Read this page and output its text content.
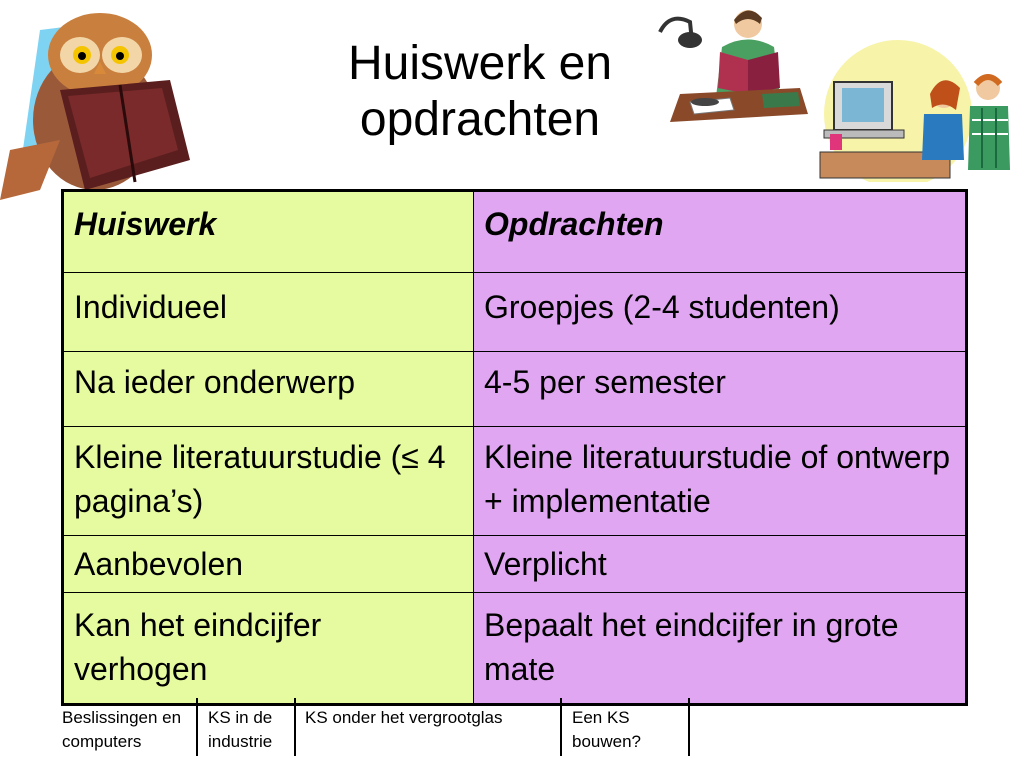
Huiswerk en
opdrachten
Huiswerk	Opdrachten
Individueel	Groepjes (2-4 studenten)
Na ieder onderwerp	4-5 per semester
Kleine literatuurstudie (≤ 4 pagina’s)	Kleine literatuurstudie of ontwerp + implementatie
Aanbevolen	Verplicht
Kan het eindcijfer verhogen	Bepaalt het eindcijfer in grote mate
Beslissingen en computers
KS in de industrie
KS onder het vergrootglas	Een KS bouwen?
